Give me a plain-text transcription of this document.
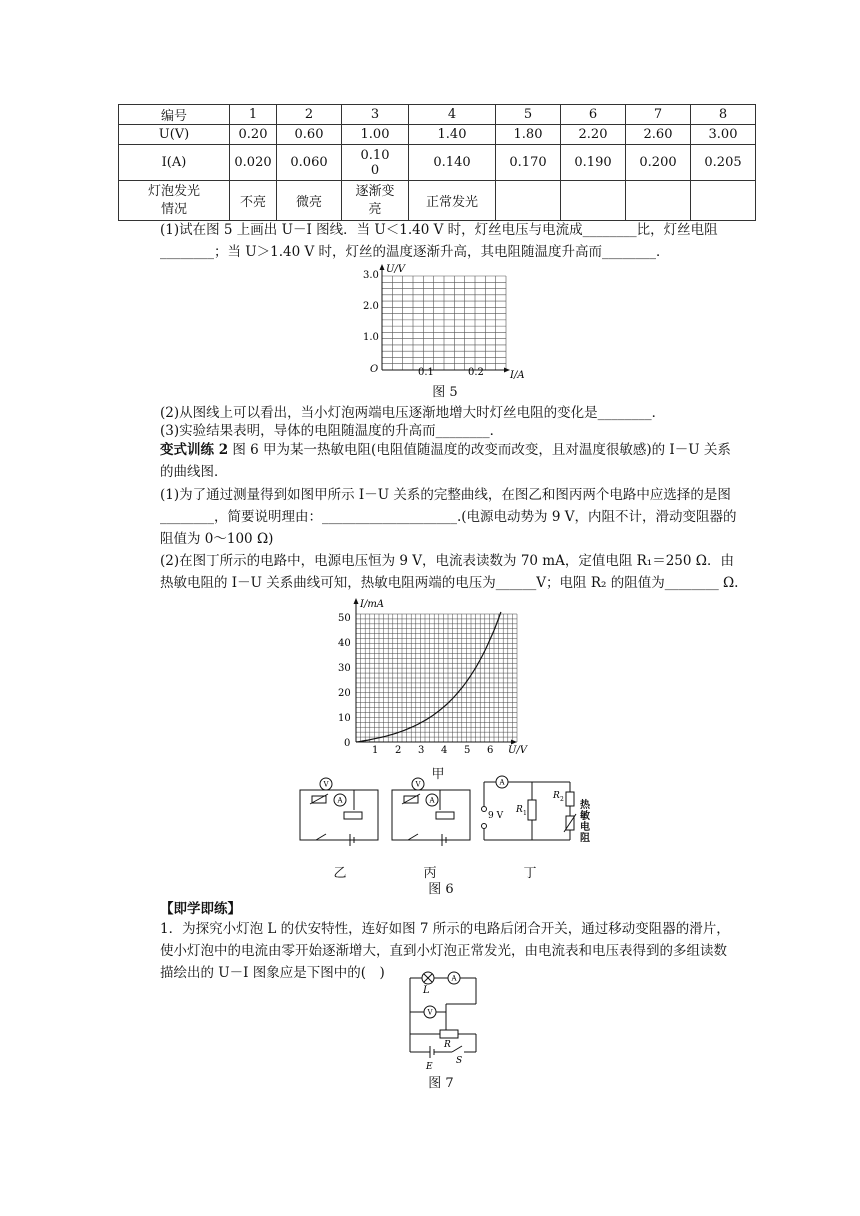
编号	1	2	3	4	5	6	7	8
U(V)	0.20	0.60	1.00	1.40	1.80	2.20	2.60	3.00
I(A)	0.020	0.060	0.100	0.140	0.170	0.190	0.200	0.205
灯泡发光情况	不亮	微亮	逐渐变亮	正常发光				
(1)试在图 5 上画出 U－I 图线．当 U＜1.40 V 时，灯丝电压与电流成________比，灯丝电阻________；当 U＞1.40 V 时，灯丝的温度逐渐升高，其电阻随温度升高而________．
U/V
I/A
O
1.0
2.0
3.0
0.1	0.2
图 5
(2)从图线上可以看出，当小灯泡两端电压逐渐地增大时灯丝电阻的变化是________．
(3)实验结果表明，导体的电阻随温度的升高而________．
变式训练 2 图 6 甲为某一热敏电阻(电阻值随温度的改变而改变，且对温度很敏感)的 I－U 关系的曲线图．
(1)为了通过测量得到如图甲所示 I－U 关系的完整曲线，在图乙和图丙两个电路中应选择的是图________，简要说明理由：____________________.(电源电动势为 9 V，内阻不计，滑动变阻器的阻值为 0～100 Ω)
(2)在图丁所示的电路中，电源电压恒为 9 V，电流表读数为 70 mA，定值电阻 R₁＝250 Ω．由热敏电阻的 I－U 关系曲线可知，热敏电阻两端的电压为______V；电阻 R₂ 的阻值为________ Ω.
I/mA
U/V
0
10
20
30
40
50
1 2 3 4 5 6
甲
V
A
V
A
A
9 V
R 1
R 2
热敏电阻
乙	丙	丁
图 6
【即学即练】
1．为探究小灯泡 L 的伏安特性，连好如图 7 所示的电路后闭合开关，通过移动变阻器的滑片，使小灯泡中的电流由零开始逐渐增大，直到小灯泡正常发光，由电流表和电压表得到的多组读数描绘出的 U－I 图象应是下图中的(　)	A
V
L
R
S
E
图 7
